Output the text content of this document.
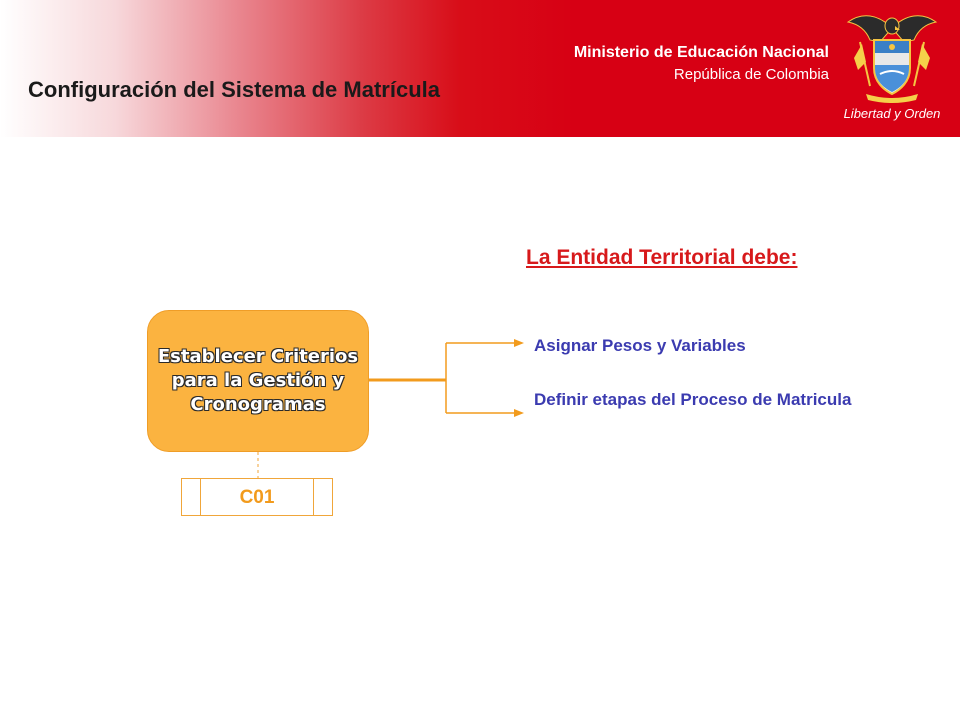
Configuración del Sistema de Matrícula
Ministerio de Educación Nacional
República de Colombia
Libertad y Orden
La Entidad Territorial debe:
Establecer Criterios para la Gestión y Cronogramas
C01
Asignar Pesos y Variables
Definir etapas del Proceso de Matricula
